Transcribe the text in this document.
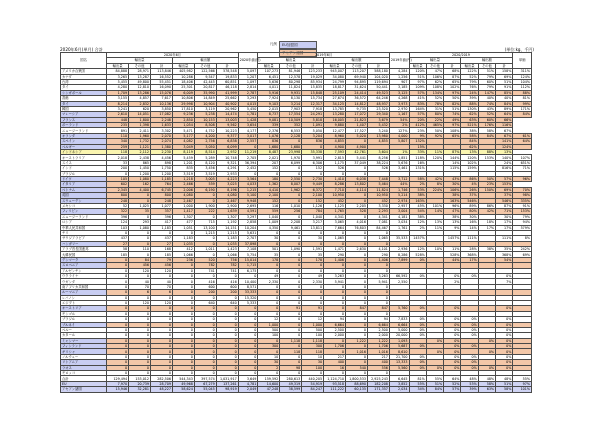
凡例	EU加盟国
アセアン諸国
2020年6月(単月) 合計	(単位:kg、千円)
国名	2020年6月						2020年値(円)	2019年6月						2019年値(円)	2020/2019						単価
	輸出量			輸出額				輸出量			輸出額				輸出量			輸出額			
	輸出量	その他	計	輸出量	その他	計		輸出量	その他	計	輸出量	その他	計		輸出量	その他	計	輸出量	その他	計	
アメリカ合衆国	84,888	28,971	113,846	405,982	122,566	578,548	5,097	107,273	81,946	123,233	945,007	113,207	588,180	4,284	120%	47%	68%	122%	51%	158%	311%
カナダ	3,265	13,287	16,552	10,286	9,547	19,833	1,207	6,451	12,578	19,029	34,080	69,940	104,020	1,256	51%	106%	87%	52%	79%	69%	124%
台湾	5,455	49,800	55,451	18,406	42,445	60,851	1,097	5,636	80,298	85,934	24,799	94,895	119,694	907	97%	62%	65%	79%	60%	51%	104%
タイ	4,280	12,810	16,090	25,301	20,817	46,118	2,814	4,011	11,824	15,835	18,817	31,624	50,441	3,185	109%	108%	102%	76%	79%	91%	112%
シンガポール	1,709	13,286	15,076	6,009	35,990	41,999	2,787	5,916	9,931	15,848	25,109	24,414	49,523	3,125	57%	134%	97%	24%	147%	85%	88%
香港	3,155	4,857	7,617	10,806	14,849	25,662	3,293	7,924	8,130	15,734	27,674	36,572	64,246	4,268	41%	52%	50%	39%	40%	40%	81%
タイ	8,214	2,832	10,136	29,998	10,904	40,902	4,015	9,103	3,214	12,317	34,125	14,812	48,937	3,973	83%	78%	82%	88%	74%	84%	99%
韓国	3,241	620	3,850	17,810	3,119	20,962	5,450	2,015	7,903	7,918	13,785	9,735	23,520	2,970	164%	31%	51%	130%	43%	89%	171%
マレーシア	2,610	14,051	17,082	9,236	5,238	14,474	1,781	8,737	17,554	24,291	13,280	17,072	29,340	1,167	57%	80%	74%	62%	52%	64%	84%
フランス	448	1,800	2,248	2,850	10,153	13,003	1,428	9,081	10,509	5,818	16,005	21,823	3,679	54%	20%	22%	49%	63%	60%	66%	
ポーランド	235	1,398	1,633	1,054	8,508	9,562	3,654	339	352	1,091	9,880	1,407	5,432	2%	412%	465%	97%	521%	176%	116%	
ニュージーランド	891	2,411	3,302	5,471	4,752	10,223	4,177	2,376	6,553	5,050	12,477	17,527	3,240	127%	23%	50%	108%	38%	58%	67%	
オランダ	110	1,960	2,070	5,177	4,200	9,377	3,017	1,076	2,128	3,204	8,960	5,020	13,980	4,000	9%	92%	65%	58%	84%	67%	61%
スペイン	340	1,732	2,074	4,082	2,756	6,838	2,557	836	0	836	4,855	0	4,855	5,807	132%			84%		141%	64%
ベルギー	259	1,121	1,380	3,049	3,050	6,099	0	1,680	1,680	0	4,900	4,900			15%			62%		124%	
インドネシア	118	2,112	2,230	8,119	8,514	2,932	11,219	8,487	23,998	35,338	7,593	42,761	3,604	1%	33%	11%	87%	13%	88%	13%	
オーストラリア	2,018	2,438	4,456	5,459	5,289	10,748	2,705	2,021	1,970	3,991	2,815	5,441	8,256	1,851	118%	120%	144%	120%	153%	140%	107%
スイス	33	865	898	1,201	8,120	9,321	36,394	207	6,099	6,306	1,175	37,049	38,224	5,676	16%		14%	102%		24%	651%
インド	200	1,450	1,750	835	3,456	4,291	2,452	152	0	152	526	0	526	3,461	131%		115%	159%		816%	71%
ブラジル	0	1,200	1,200	3,519	3,519	2,933	0	0	0	0	0	0									
ドイツ	105	1,080	1,185	1,218	3,005	4,223	3,564	180	2,550	2,730	1,410	6,038	7,448	3,712	58%	42%	43%	86%	50%	57%	96%
イタリア	602	162	764	2,466	559	3,025	4,033	1,362	8,007	9,449	8,286	13,802	5,464	44%	2%	8%	30%	4%	23%	153%	
ベトナム	2,345	4,400	6,745	2,006	6,190	8,196	1,215	4,410	1,962	6,372	7,710	4,114	11,824	1,746	53%	224%	106%	26%	150%	69%	70%
英国	800	0	800	4,080	0	4,080	5,100	2,100	0	2,100	10,950	0	10,950	5,214	38%		38%	37%		37%	98%
スウェーデン	248	0	248	2,467	0	2,467	9,948	152	0	152	452	0	452	2,974	163%		163%	546%		546%	335%
メキシコ	52	1,025	1,077	1,000	1,900	2,900	2,695	116	1,010	1,126	1,125	2,205	3,330	2,957	45%	101%	96%	89%	86%	87%	91%
フィリピン	322	35	357	1,417	222	1,639	4,591	559	256	784	1,765	528	2,293	3,004	54%	14%	47%	80%	42%	71%	153%
ニュージーランド	396	0	396	1,307	0	1,307	3,297	1,040	0	1,040	4,341	0	4,341	4,181	38%		38%	30%		30%	79%
ロシア	124	293	417	477	715	1,192	2,858	1,009	2,208	3,217	3,065	4,016	7,081	3,034	12%	13%	13%	16%	18%	17%	94%
中華人民共和国	103	1,080	1,183	1,051	13,100	14,151	10,204	4,350	9,461	13,811	7,664	76,803	84,467	1,761	2%	11%	9%	14%	17%	17%	579%
チリ	0	0	0	0	1,215	1,215	5,631	0	0	0	0	0	0								
サウジアラビア	437	0	437	1,183	0	1,183	2,707	30	0	30	1,065	0	1,065	35,533	1457%		1457%	111%		111%	8%
ハンガリー	27	0	27	1,035	0	1,035	37,898	0	0	0	0	0	0								
アラブ首長国連邦	58	110	168	412	1,011	1,423	7,108	501	1,090	1,591	1,471	2,630	4,101	2,936	12%	10%	11%	28%	38%	35%	242%
大韓民国	185	0	185	1,066	0	1,066	5,754	35	0	35	290	0	290	8,286	528%		528%	368%		368%	69%
デンマーク	0	84	79	236	520	756	15,014	178	0	178	1,406	0	1,406	7,899	0%		44%	17%		54%	
スロベニア	0	456	456	0	782	782	1,715	0	0	0	0	0	0								
アルゼンチン	0	120	120	0	741	741	6,175	0	0	0	0	0	0								
ウクライナ	0	0	0	0	0	0	0	49	0	49	3,263	0	3,263	66,592	0%		0%	0%		0%	
ウガンダ	0	40	40	0	416	416	10,400	2,330	0	2,330	5,941	0	5,941	2,550			2%			7%	
南アフリカ共和国	0	70	70	0	600	600	8,571	0	0	0	0	0	0								
ルーマニア	0	6	6	0	200	200	33,333	0	0	0	0	0	0								
レバノン	0	0	0	0	0	0	15,320	0	0	0	0	0	0								
エジプト	0	120	120	0	640	640	5,333	0	0	0	0	0	0								
オーストリア	0	0	0	0	0	0	0	0	91	91	0	847	847	5,760	0%		0%			0%	
モンゴル	0	0	0	0	0	0	0	0	0	0	0	0	0								
ブラジル	0	0	0	0	0	0	0	12	0	12	94	0	94	7,833	0%		0%	0%		0%	
ブルネイ	0	0	0	0	0	0	0	1,000	0	1,000	6,664	0	6,664	6,664	0%		0%	0%		0%	
ペルー	0	0	0	0	0	0	0	500	0	500	2,500	0	2,500	5,000	0%		0%	0%		0%	
カタール	0	0	0	0	0	0	0	100	0	100	2,000	0	2,000	20,000	0%		0%	0%		0%	
ミャンマー	0	0	0	0	0	0	0	0	1,118	1,118	0	1,222	1,222	1,093		0%	0%		0%	0%	
フィンランド	0	0	0	0	0	0	0	300	0	300	1,706	0	1,706	5,687	0%		0%	0%		0%	
ギリシャ	0	0	0	0	0	0	0	0	118	118	0	1,016	1,016	8,610		0%	0%		0%	0%	
ノルウェー	0	0	0	0	0	0	0	10	0	10	217	0	217	21,700	0%		0%	0%		0%	
リトアニア	0	0	0	0	0	0	0	30	0	30	400	0	400	13,333	0%		0%	0%		0%	
ラオス	0	0	0	0	0	0	0	2	98	100	16	540	556	5,560	0%	0%	0%	0%	0%	0%	
モロッコ	0	0	0	0	0	0	0	0	0	0	0	0	0								
合計	129,494	153,012	282,506	544,343	397,574	1,031,917	3,649	159,592	280,613	440,205	1,124,710	1,800,533	2,925,243	6,645	81%	55%	64%	48%	48%	48%	55%
EU	7,970	20,739	28,709	49,968	67,279	137,261	4,781	14,600	49,319	54,919	93,518	88,690	182,208	3,852	55%	51%	52%	53%	58%	51%	97%
アセアン諸国	15,946	32,281	48,227	58,624	55,045	98,919	2,049	47,248	38,599	84,247	111,222	60,135	171,357	2,034	34%	84%	57%	39%	63%	58%	101%
